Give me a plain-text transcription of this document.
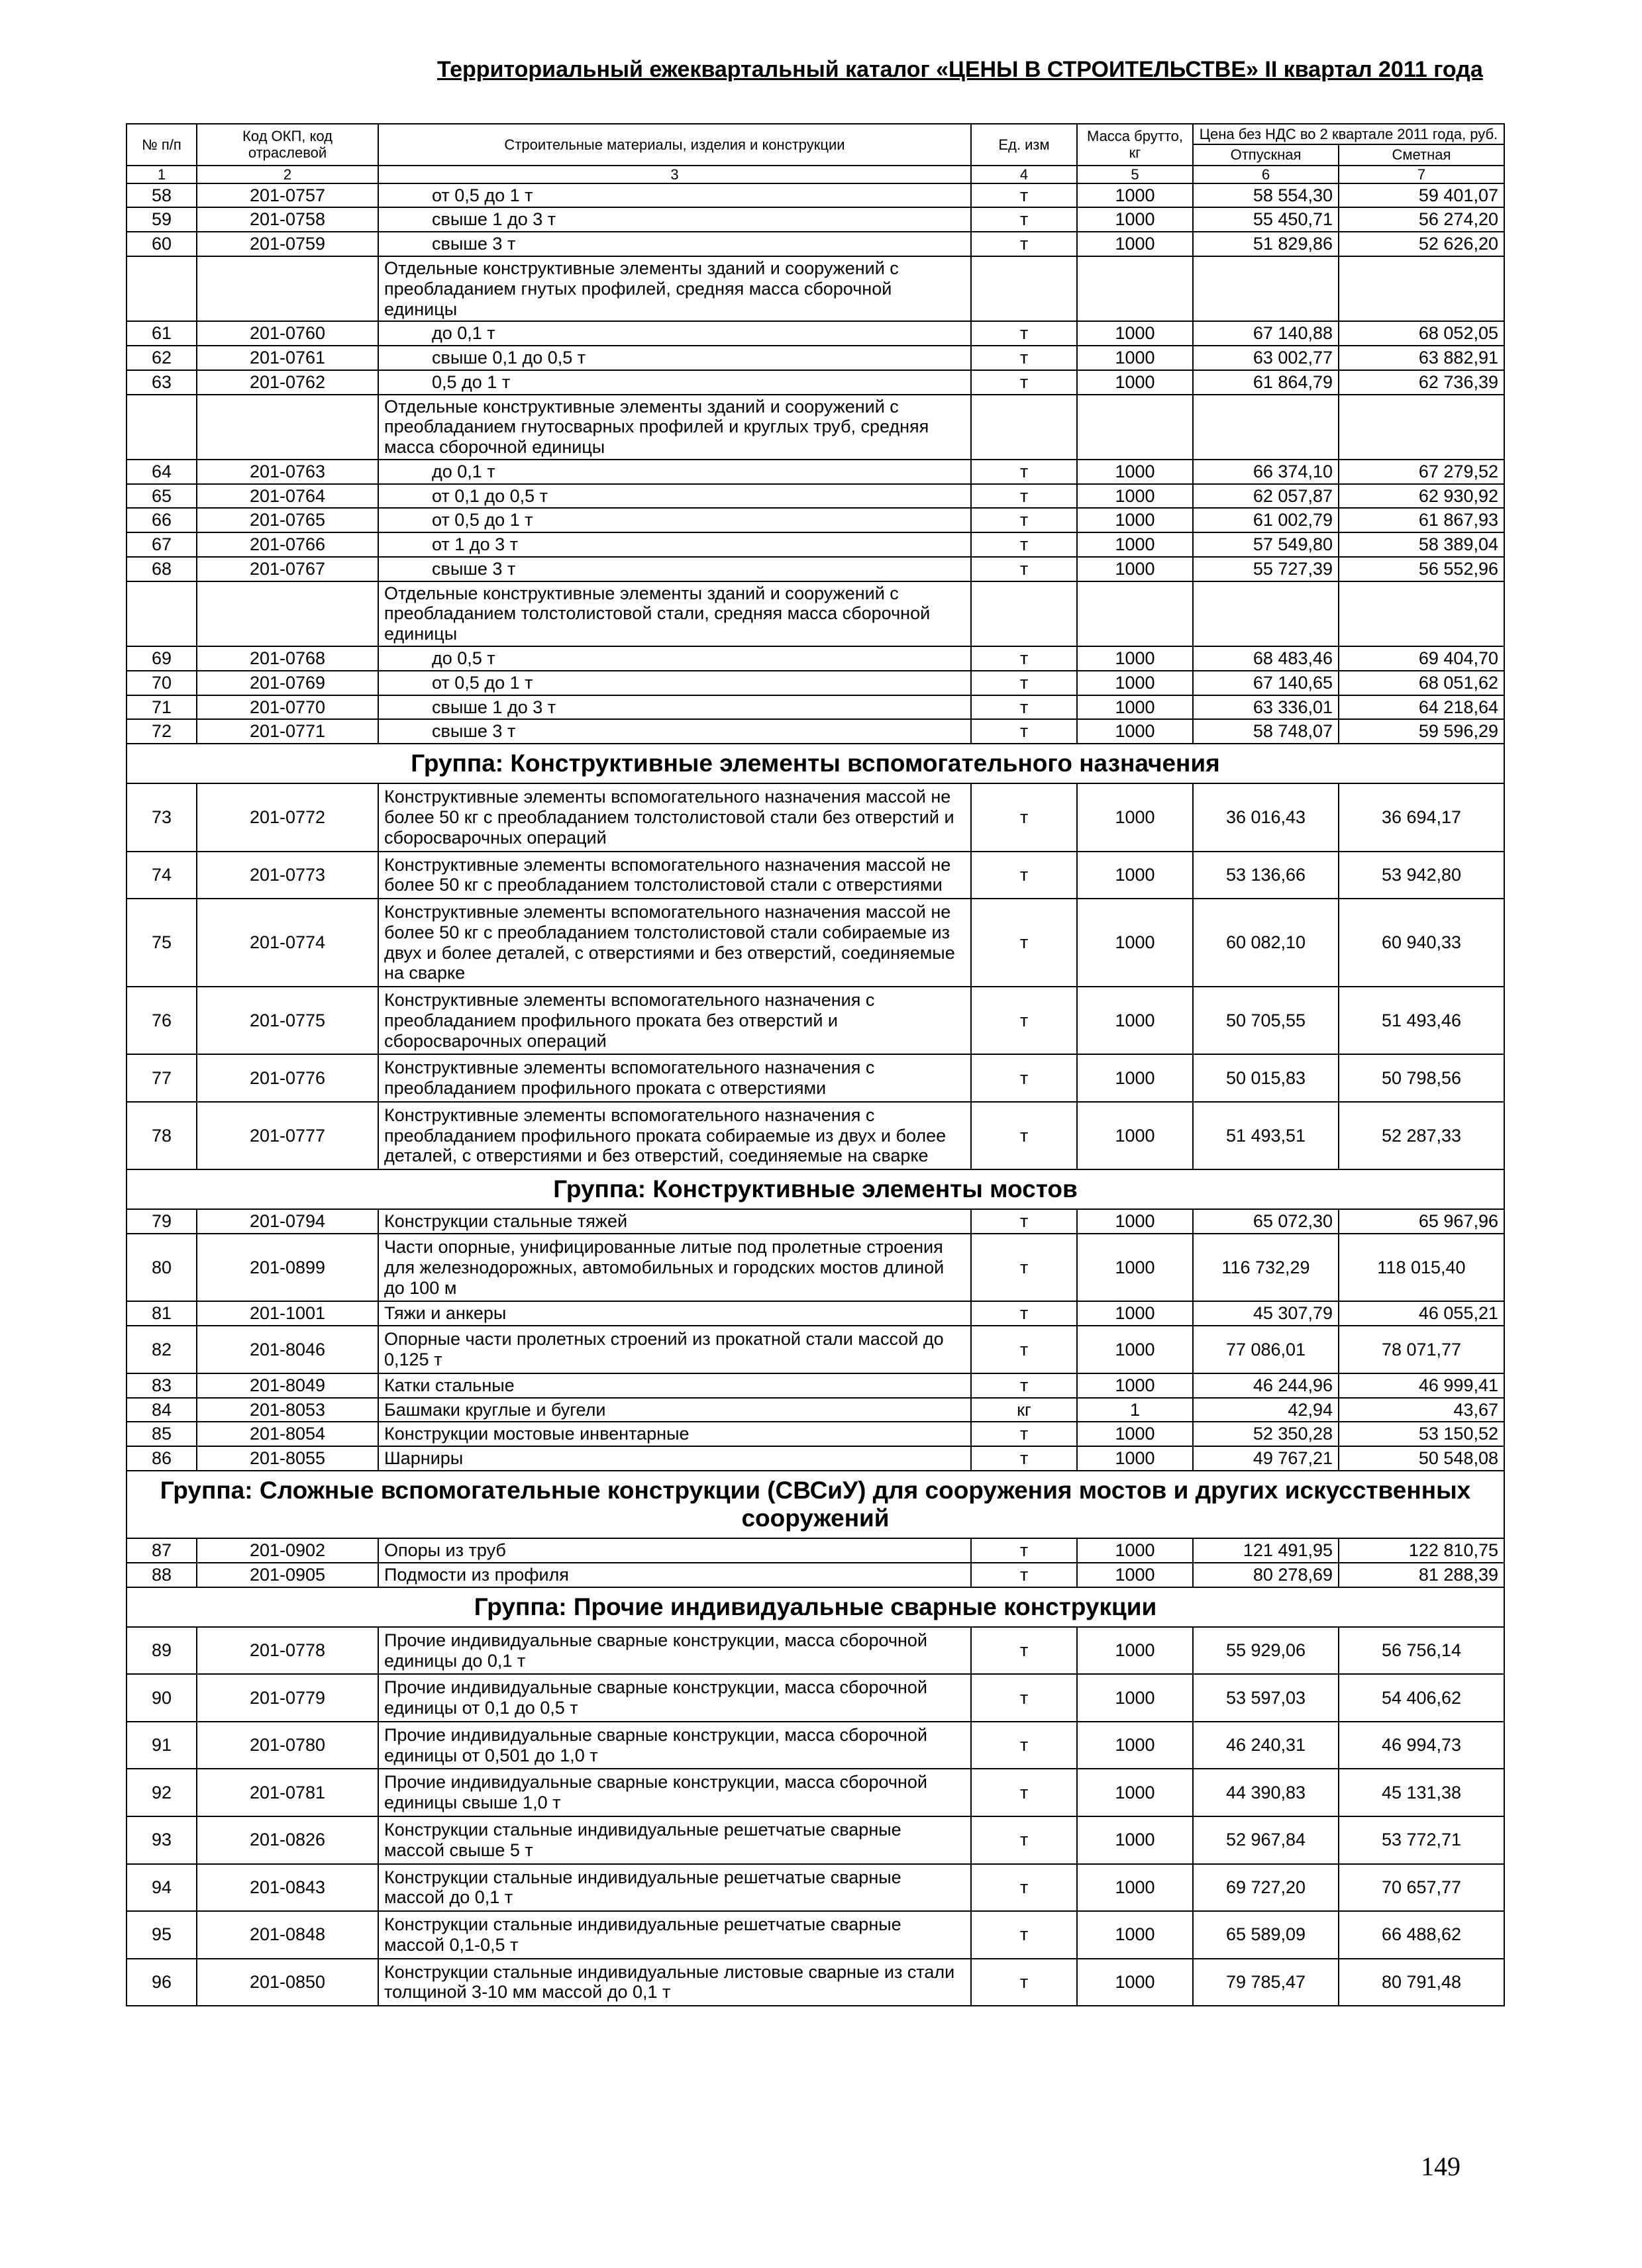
Территориальный ежеквартальный каталог «ЦЕНЫ В СТРОИТЕЛЬСТВЕ» II квартал 2011 года
№ п/п	Код ОКП, код отраслевой	Строительные материалы, изделия и конструкции	Ед. изм	Масса брутто, кг	Цена без НДС во 2 квартале 2011 года, руб.	
					Отпускная	Сметная
1	2	3	4	5	6	7
58	201-0757	от 0,5 до 1 т	т	1000	58 554,30	59 401,07
59	201-0758	свыше 1 до 3 т	т	1000	55 450,71	56 274,20
60	201-0759	свыше 3 т	т	1000	51 829,86	52 626,20
		Отдельные конструктивные элементы зданий и сооружений с преобладанием гнутых профилей, средняя масса сборочной единицы				
61	201-0760	до 0,1 т	т	1000	67 140,88	68 052,05
62	201-0761	свыше 0,1 до 0,5 т	т	1000	63 002,77	63 882,91
63	201-0762	0,5 до 1 т	т	1000	61 864,79	62 736,39
		Отдельные конструктивные элементы зданий и сооружений с преобладанием гнутосварных профилей и круглых труб, средняя масса сборочной единицы				
64	201-0763	до 0,1 т	т	1000	66 374,10	67 279,52
65	201-0764	от 0,1 до 0,5 т	т	1000	62 057,87	62 930,92
66	201-0765	от 0,5 до 1 т	т	1000	61 002,79	61 867,93
67	201-0766	от 1 до 3 т	т	1000	57 549,80	58 389,04
68	201-0767	свыше 3 т	т	1000	55 727,39	56 552,96
		Отдельные конструктивные элементы зданий и сооружений с преобладанием толстолистовой стали, средняя масса сборочной единицы				
69	201-0768	до 0,5 т	т	1000	68 483,46	69 404,70
70	201-0769	от 0,5 до 1 т	т	1000	67 140,65	68 051,62
71	201-0770	свыше 1 до 3 т	т	1000	63 336,01	64 218,64
72	201-0771	свыше 3 т	т	1000	58 748,07	59 596,29
Группа: Конструктивные элементы вспомогательного назначения						
73	201-0772	Конструктивные элементы вспомогательного назначения массой не более 50 кг с преобладанием толстолистовой стали без отверстий и сборосварочных операций	т	1000	36 016,43	36 694,17
74	201-0773	Конструктивные элементы вспомогательного назначения массой не более 50 кг с преобладанием толстолистовой стали с отверстиями	т	1000	53 136,66	53 942,80
75	201-0774	Конструктивные элементы вспомогательного назначения массой не более 50 кг с преобладанием толстолистовой стали собираемые из двух и более деталей, с отверстиями и без отверстий, соединяемые на сварке	т	1000	60 082,10	60 940,33
76	201-0775	Конструктивные элементы вспомогательного назначения с преобладанием профильного проката без отверстий и сборосварочных операций	т	1000	50 705,55	51 493,46
77	201-0776	Конструктивные элементы вспомогательного назначения с преобладанием профильного проката с отверстиями	т	1000	50 015,83	50 798,56
78	201-0777	Конструктивные элементы вспомогательного назначения с преобладанием профильного проката собираемые из двух и более деталей, с отверстиями и без отверстий, соединяемые на сварке	т	1000	51 493,51	52 287,33
Группа: Конструктивные элементы мостов						
79	201-0794	Конструкции стальные тяжей	т	1000	65 072,30	65 967,96
80	201-0899	Части опорные, унифицированные литые под пролетные строения для железнодорожных, автомобильных и городских мостов длиной до 100 м	т	1000	116 732,29	118 015,40
81	201-1001	Тяжи и анкеры	т	1000	45 307,79	46 055,21
82	201-8046	Опорные части пролетных строений из прокатной стали массой до 0,125 т	т	1000	77 086,01	78 071,77
83	201-8049	Катки стальные	т	1000	46 244,96	46 999,41
84	201-8053	Башмаки круглые и бугели	кг	1	42,94	43,67
85	201-8054	Конструкции мостовые инвентарные	т	1000	52 350,28	53 150,52
86	201-8055	Шарниры	т	1000	49 767,21	50 548,08
Группа: Сложные вспомогательные конструкции (СВСиУ) для сооружения мостов и других искусственных сооружений						
87	201-0902	Опоры из труб	т	1000	121 491,95	122 810,75
88	201-0905	Подмости из профиля	т	1000	80 278,69	81 288,39
Группа: Прочие индивидуальные сварные конструкции						
89	201-0778	Прочие индивидуальные сварные конструкции, масса сборочной единицы до 0,1 т	т	1000	55 929,06	56 756,14
90	201-0779	Прочие индивидуальные сварные конструкции, масса сборочной единицы от 0,1 до 0,5 т	т	1000	53 597,03	54 406,62
91	201-0780	Прочие индивидуальные сварные конструкции, масса сборочной единицы от 0,501 до 1,0 т	т	1000	46 240,31	46 994,73
92	201-0781	Прочие индивидуальные сварные конструкции, масса сборочной единицы свыше 1,0 т	т	1000	44 390,83	45 131,38
93	201-0826	Конструкции стальные индивидуальные решетчатые сварные массой свыше 5 т	т	1000	52 967,84	53 772,71
94	201-0843	Конструкции стальные индивидуальные решетчатые сварные массой до 0,1 т	т	1000	69 727,20	70 657,77
95	201-0848	Конструкции стальные индивидуальные решетчатые сварные массой 0,1-0,5 т	т	1000	65 589,09	66 488,62
96	201-0850	Конструкции стальные индивидуальные листовые сварные из стали толщиной 3-10 мм массой до 0,1 т	т	1000	79 785,47	80 791,48
149
